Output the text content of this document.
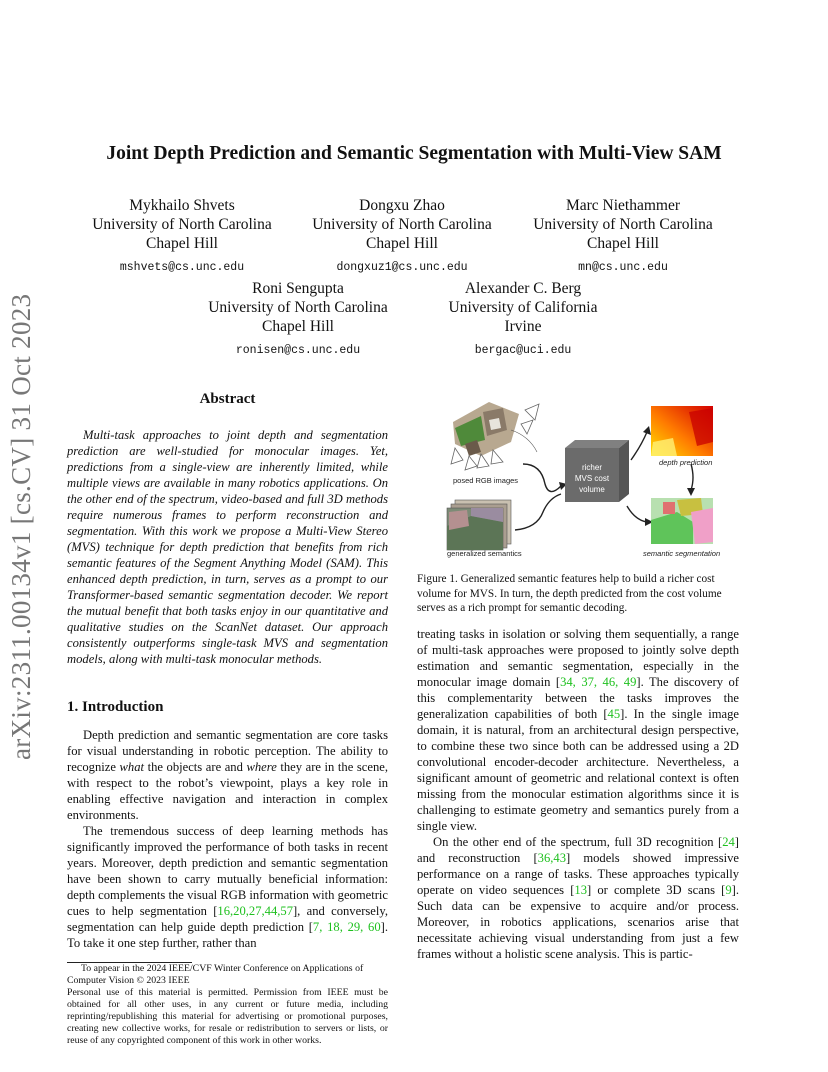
arXiv:2311.00134v1 [cs.CV] 31 Oct 2023
Joint Depth Prediction and Semantic Segmentation with Multi-View SAM
Mykhailo Shvets
University of North Carolina
Chapel Hill
mshvets@cs.unc.edu
Dongxu Zhao
University of North Carolina
Chapel Hill
dongxuz1@cs.unc.edu
Marc Niethammer
University of North Carolina
Chapel Hill
mn@cs.unc.edu
Roni Sengupta
University of North Carolina
Chapel Hill
ronisen@cs.unc.edu
Alexander C. Berg
University of California
Irvine
bergac@uci.edu
Abstract

Multi-task approaches to joint depth and segmentation prediction are well-studied for monocular images. Yet, predictions from a single-view are inherently limited, while multiple views are available in many robotics applications. On the other end of the spectrum, video-based and full 3D methods require numerous frames to perform reconstruction and segmentation. With this work we propose a Multi-View Stereo (MVS) technique for depth prediction that benefits from rich semantic features of the Segment Anything Model (SAM). This enhanced depth prediction, in turn, serves as a prompt to our Transformer-based semantic segmentation decoder. We report the mutual benefit that both tasks enjoy in our quantitative and qualitative studies on the ScanNet dataset. Our approach consistently outperforms single-task MVS and segmentation models, along with multi-task monocular methods.

1. Introduction

Depth prediction and semantic segmentation are core tasks for visual understanding in robotic perception. The ability to recognize what the objects are and where they are in the scene, with respect to the robot’s viewpoint, plays a key role in enabling effective navigation and interaction in complex environments.

The tremendous success of deep learning methods has significantly improved the performance of both tasks in recent years. Moreover, depth prediction and semantic segmentation have been shown to carry mutually beneficial information: depth complements the visual RGB information with geometric cues to help segmentation [16,20,27,44,57], and conversely, segmentation can help guide depth prediction [7, 18, 29, 60]. To take it one step further, rather than

To appear in the 2024 IEEE/CVF Winter Conference on Applications of Computer Vision © 2023 IEEE

Personal use of this material is permitted. Permission from IEEE must be obtained for all other uses, in any current or future media, including reprinting/republishing this material for advertising or promotional purposes, creating new collective works, for resale or redistribution to servers or lists, or reuse of any copyrighted component of this work in other works.

posed RGB images
generalized semantics
richer
MVS cost
volume
depth prediction
semantic segmentation
Figure 1. Generalized semantic features help to build a richer cost volume for MVS. In turn, the depth predicted from the cost volume serves as a rich prompt for semantic decoding.

treating tasks in isolation or solving them sequentially, a range of multi-task approaches were proposed to jointly solve depth estimation and semantic segmentation, especially in the monocular image domain [34, 37, 46, 49]. The discovery of this complementarity between the tasks improves the generalization capabilities of both [45]. In the single image domain, it is natural, from an architectural design perspective, to combine these two since both can be addressed using a 2D convolutional encoder-decoder architecture. Nevertheless, a significant amount of geometric and relational context is often missing from the monocular estimation algorithms since it is challenging to estimate geometry and semantics purely from a single view.

On the other end of the spectrum, full 3D recognition [24] and reconstruction [36,43] models showed impressive performance on a range of tasks. These approaches typically operate on video sequences [13] or complete 3D scans [9]. Such data can be expensive to acquire and/or process. Moreover, in robotics applications, scenarios arise that necessitate achieving visual understanding from just a few frames without a holistic scene analysis. This is partic-
